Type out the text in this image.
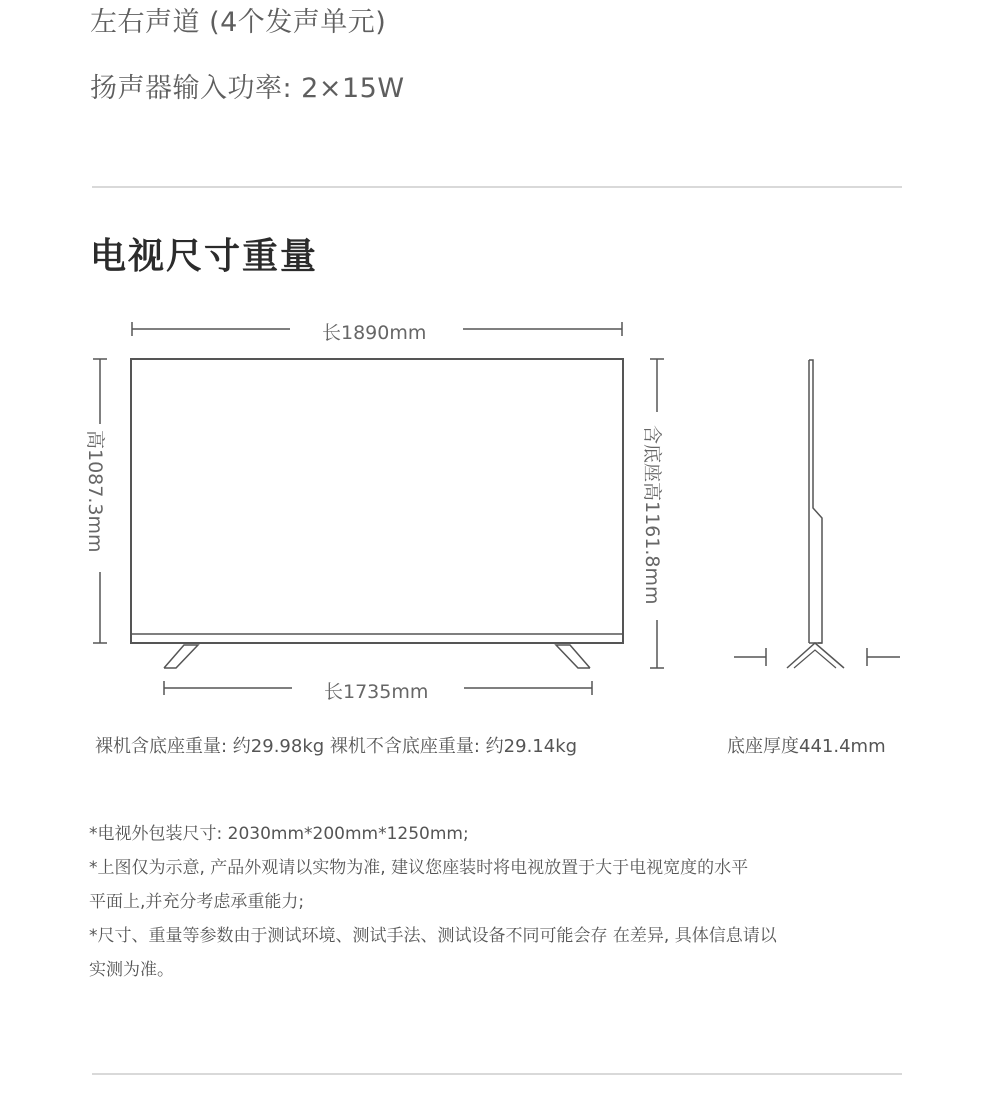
左右声道 (4个发声单元)
扬声器输入功率: 2×15W
电视尺寸重量
长1890mm
高1087.3mm	含底座高1161.8mm
长1735mm
裸机含底座重量: 约29.98kg 裸机不含底座重量: 约29.14kg	底座厚度441.4mm
*电视外包装尺寸: 2030mm*200mm*1250mm;
*上图仅为示意, 产品外观请以实物为准, 建议您座装时将电视放置于大于电视宽度的水平
平面上,并充分考虑承重能力;
*尺寸、重量等参数由于测试环境、测试手法、测试设备不同可能会存 在差异, 具体信息请以
实测为准。
